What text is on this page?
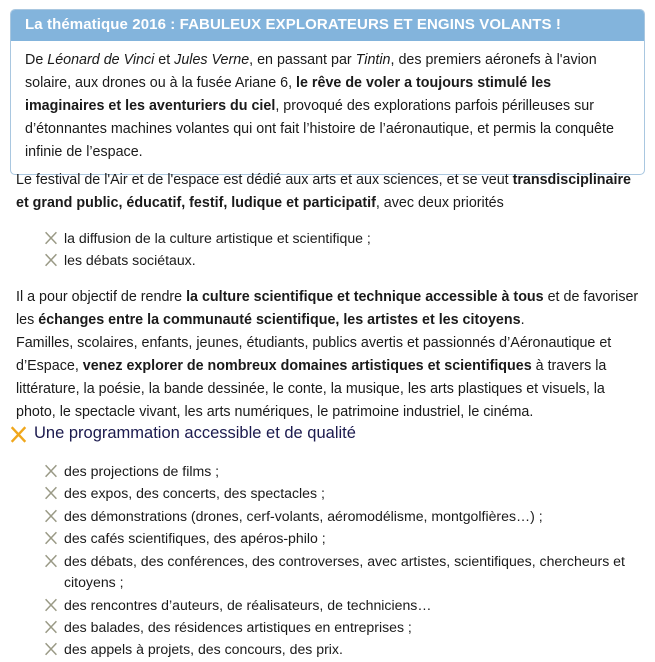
La thématique 2016 : FABULEUX EXPLORATEURS ET ENGINS VOLANTS !
De Léonard de Vinci et Jules Verne, en passant par Tintin, des premiers aéronefs à l'avion solaire, aux drones ou à la fusée Ariane 6, le rêve de voler a toujours stimulé les imaginaires et les aventuriers du ciel, provoqué des explorations parfois périlleuses sur d’étonnantes machines volantes qui ont fait l’histoire de l’aéronautique, et permis la conquête infinie de l’espace.
Le festival de l'Air et de l'espace est dédié aux arts et aux sciences, et se veut transdisciplinaire et grand public, éducatif, festif, ludique et participatif, avec deux priorités
la diffusion de la culture artistique et scientifique ;
les débats sociétaux.
Il a pour objectif de rendre la culture scientifique et technique accessible à tous et de favoriser les échanges entre la communauté scientifique, les artistes et les citoyens.
Familles, scolaires, enfants, jeunes, étudiants, publics avertis et passionnés d’Aéronautique et d’Espace, venez explorer de nombreux domaines artistiques et scientifiques à travers la littérature, la poésie, la bande dessinée, le conte, la musique, les arts plastiques et visuels, la photo, le spectacle vivant, les arts numériques, le patrimoine industriel, le cinéma.
Une programmation accessible et de qualité
des projections de films ;
des expos, des concerts, des spectacles ;
des démonstrations (drones, cerf-volants, aéromodélisme, montgolfières…) ;
des cafés scientifiques, des apéros-philo ;
des débats, des conférences, des controverses, avec artistes, scientifiques, chercheurs et citoyens ;
des rencontres d’auteurs, de réalisateurs, de techniciens…
des balades, des résidences artistiques en entreprises ;
des appels à projets, des concours, des prix.
